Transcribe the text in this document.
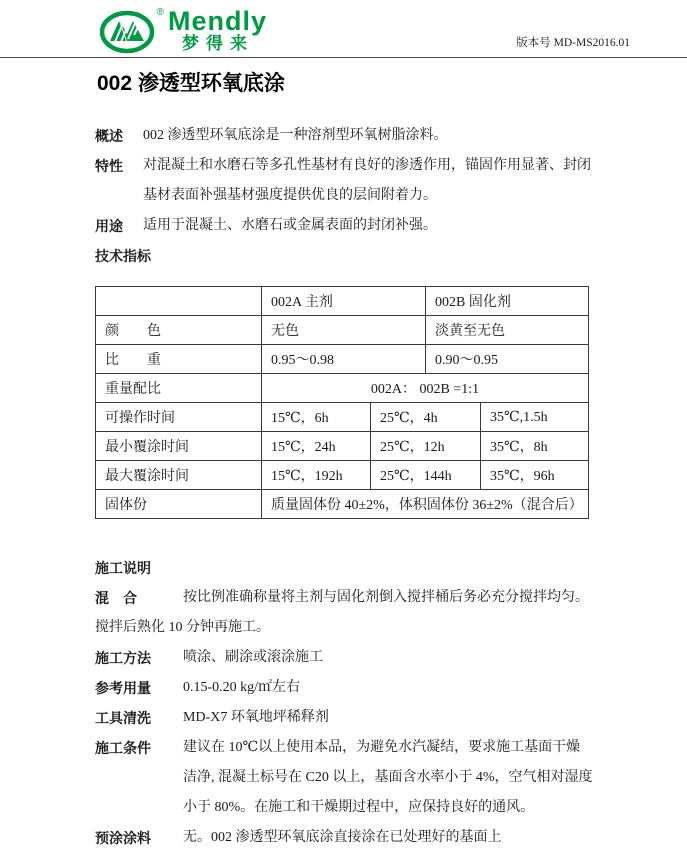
® Mendly
梦得来	版本号 MD-MS2016.01
002 渗透型环氧底涂
概述	002 渗透型环氧底涂是一种溶剂型环氧树脂涂料。
特性	对混凝土和水磨石等多孔性基材有良好的渗透作用，锚固作用显著、封闭
基材表面补强基材强度提供优良的层间附着力。
用途	适用于混凝土、水磨石或金属表面的封闭补强。
技术指标
	002A 主剂		002B 固化剂	
颜　　色	无色		淡黄至无色	
比　　重	0.95～0.98		0.90～0.95	
重量配比	002A： 002B =1:1			
可操作时间	15℃，6h	25℃，4h		35℃,1.5h
最小覆涂时间	15℃，24h	25℃，12h		35℃，8h
最大覆涂时间	15℃，192h	25℃，144h		35℃，96h
固体份	质量固体份 40±2%，体积固体份 36±2%（混合后）			
施工说明
混　合	按比例准确称量将主剂与固化剂倒入搅拌桶后务必充分搅拌均匀。
搅拌后熟化 10 分钟再施工。
施工方法	喷涂、刷涂或滚涂施工
参考用量	0.15-0.20 kg/㎡左右
工具清洗	MD-X7 环氧地坪稀释剂
施工条件	建议在 10℃以上使用本品，为避免水汽凝结，要求施工基面干燥
洁净, 混凝土标号在 C20 以上，基面含水率小于 4%，空气相对湿度
小于 80%。在施工和干燥期过程中，应保持良好的通风。
预涂涂料	无。002 渗透型环氧底涂直接涂在已处理好的基面上
